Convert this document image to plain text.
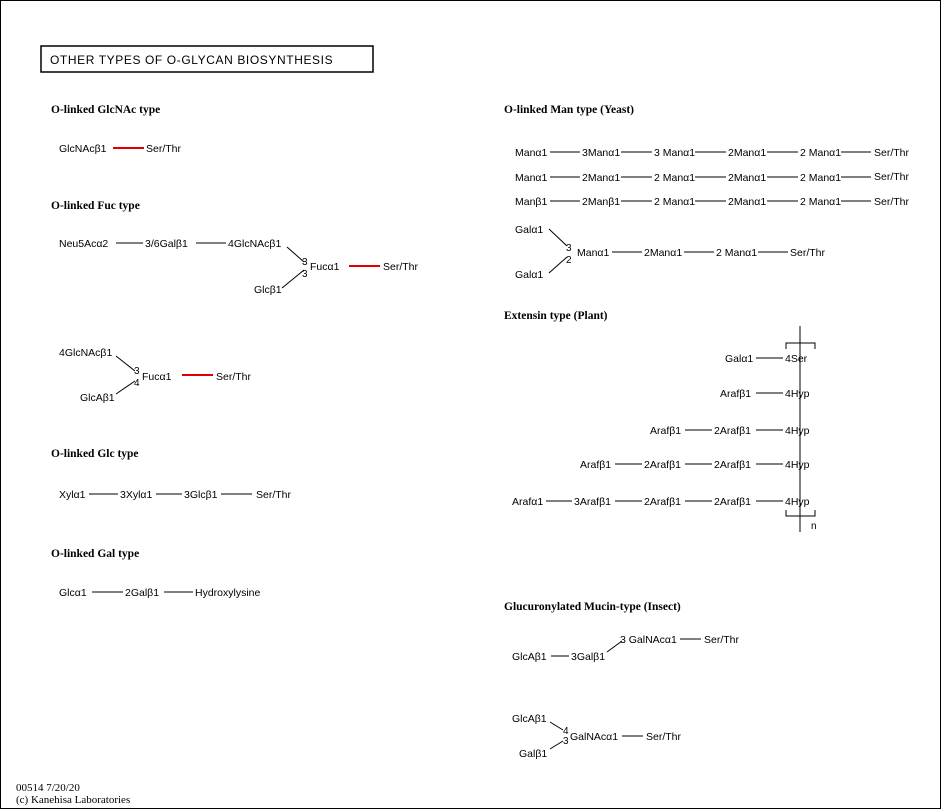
OTHER TYPES OF O-GLYCAN BIOSYNTHESIS
O-linked GlcNAc type
GlcNAcβ1	Ser/Thr
O-linked Fuc type
Neu5Acα2	3/6Galβ1	4GlcNAcβ1
3 Fucα1
3
Glcβ1
Ser/Thr
4GlcNAcβ1
3 Fucα1
4
GlcAβ1
Ser/Thr
O-linked Glc type
Xylα1	3Xylα1	3Glcβ1	Ser/Thr
O-linked Gal type
Glcα1	2Galβ1	Hydroxylysine
O-linked Man type (Yeast)
Manα1	3Manα1	3 Manα1	2Manα1	2 Manα1	Ser/Thr
Manα1	2Manα1	2 Manα1	2Manα1	2 Manα1	Ser/Thr
Manβ1	2Manβ1	2 Manα1	2Manα1	2 Manα1	Ser/Thr
Galα1
3 Manα1
2
Galα1
2Manα1	2 Manα1	Ser/Thr
Extensin type (Plant)
n
Galα1	4Ser
Arafβ1	4Hyp
Arafβ1	2Arafβ1	4Hyp
Arafβ1	2Arafβ1	2Arafβ1	4Hyp
Arafα1	3Arafβ1	2Arafβ1	2Arafβ1	4Hyp
Glucuronylated Mucin-type (Insect)
GlcAβ1 3Galβ1
3 GalNAcα1	Ser/Thr
GlcAβ1
4 GalNAcα1
3
Galβ1
Ser/Thr
00514 7/20/20
(c) Kanehisa Laboratories
